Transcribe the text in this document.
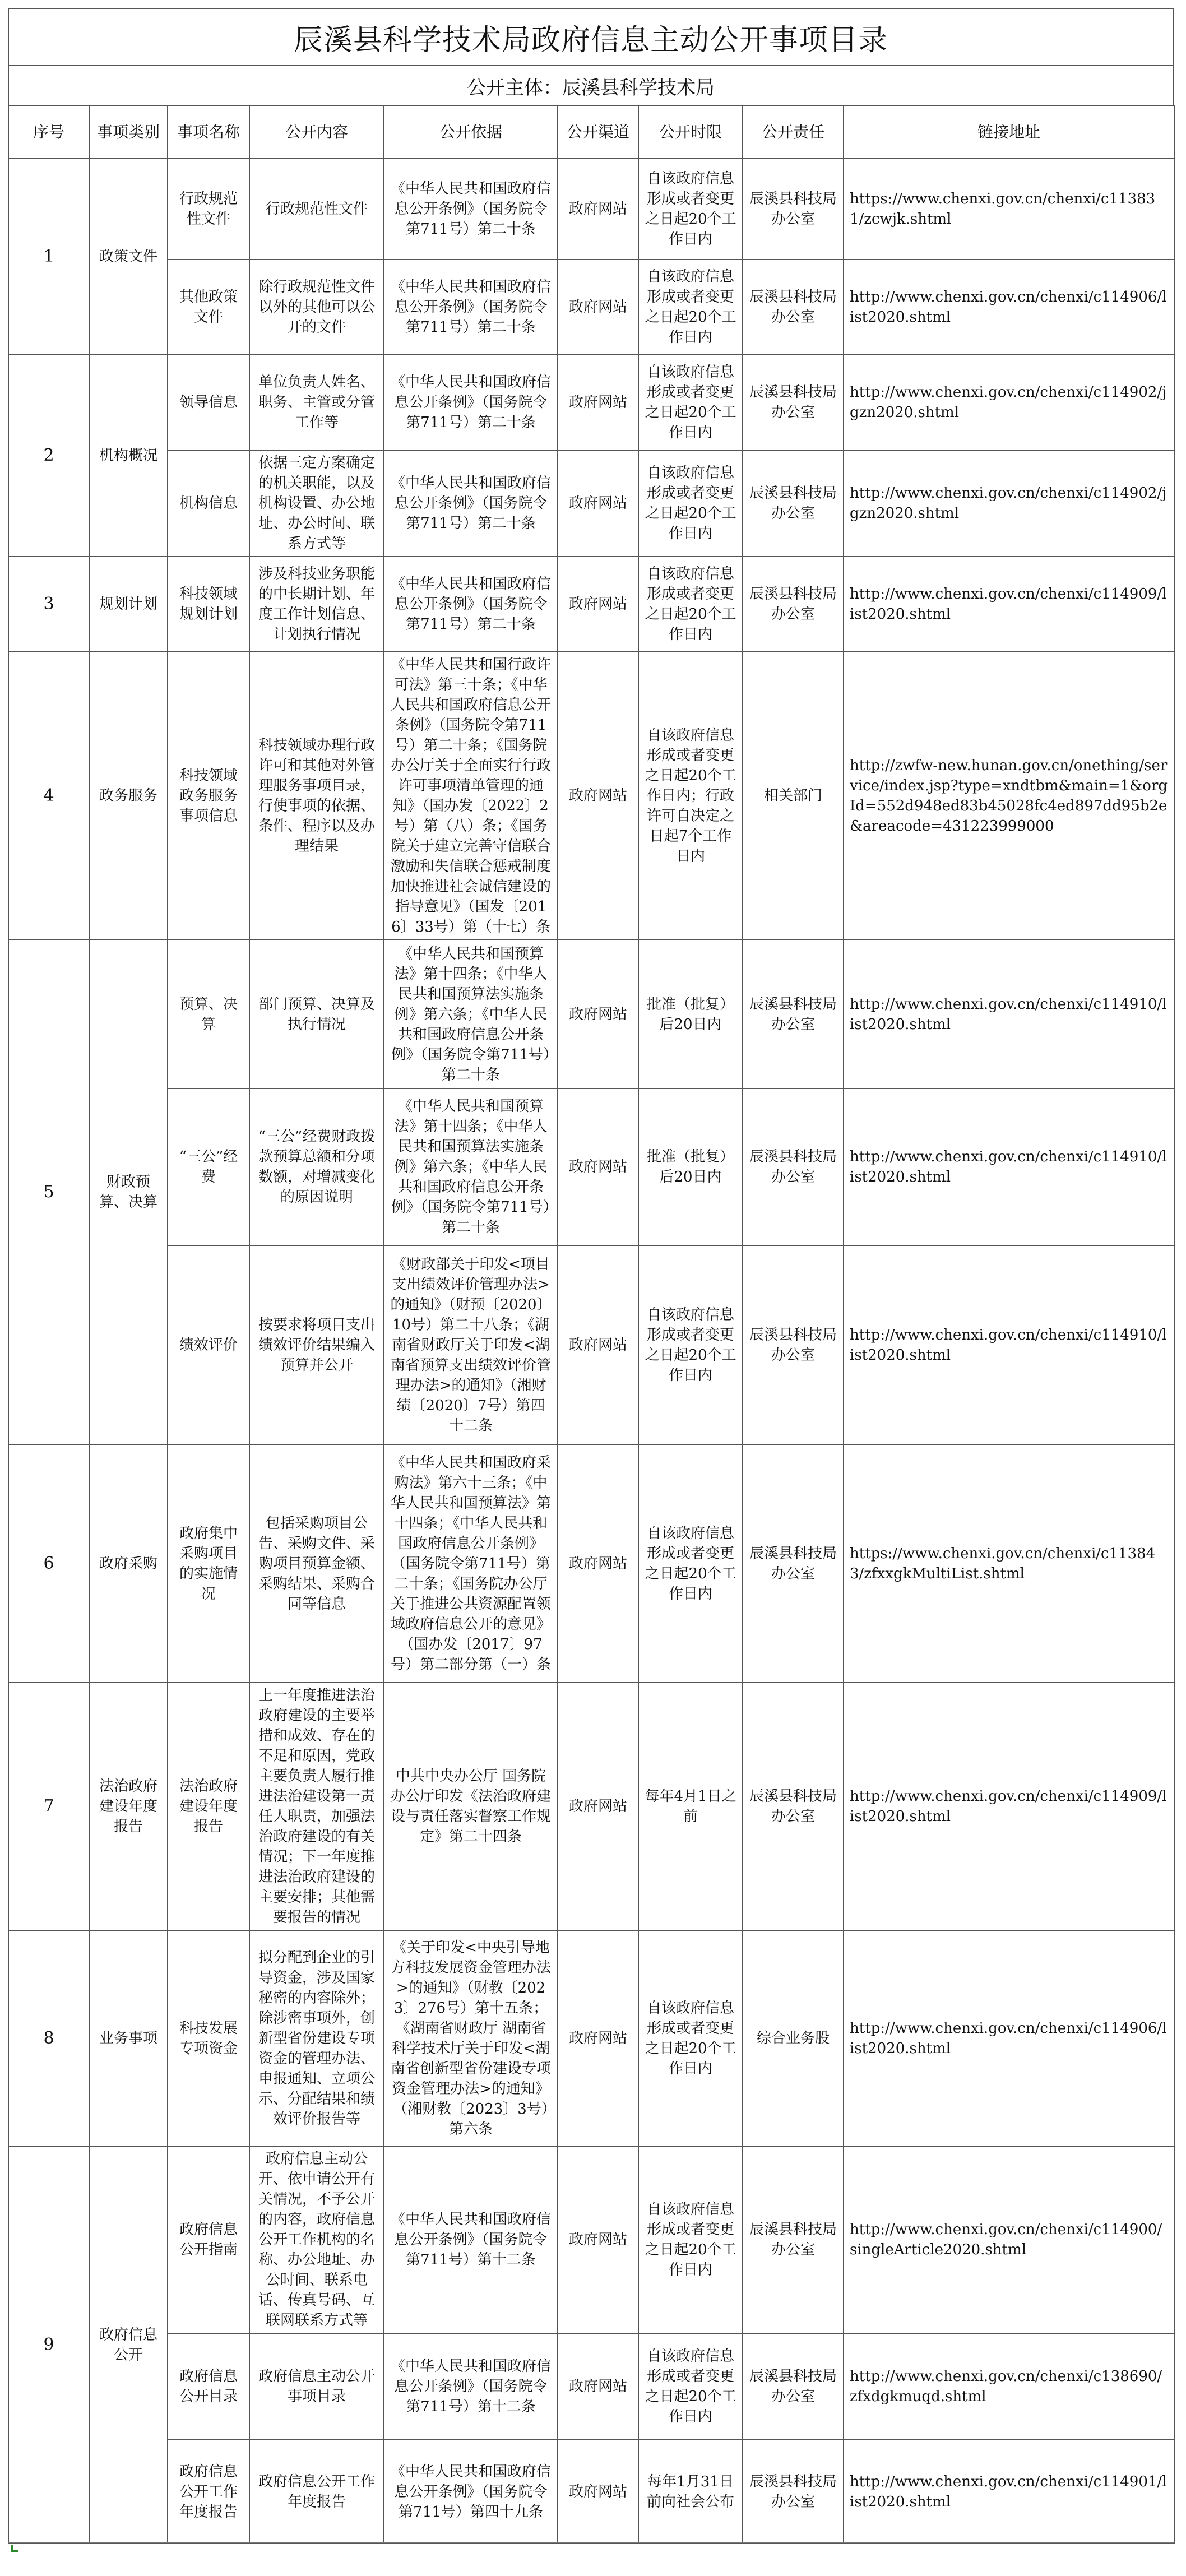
辰溪县科学技术局政府信息主动公开事项目录
公开主体：辰溪县科学技术局
序号	事项类别	事项名称	公开内容	公开依据	公开渠道	公开时限	公开责任	链接地址
1	政策文件	行政规范性文件	行政规范性文件	《中华人民共和国政府信息公开条例》（国务院令第711号）第二十条	政府网站	自该政府信息形成或者变更之日起20个工作日内	辰溪县科技局办公室	https://www.chenxi.gov.cn/chenxi/c113831/zcwjk.shtml
		其他政策文件	除行政规范性文件以外的其他可以公开的文件	《中华人民共和国政府信息公开条例》（国务院令第711号）第二十条	政府网站	自该政府信息形成或者变更之日起20个工作日内	辰溪县科技局办公室	http://www.chenxi.gov.cn/chenxi/c114906/list2020.shtml
2	机构概况	领导信息	单位负责人姓名、职务、主管或分管工作等	《中华人民共和国政府信息公开条例》（国务院令第711号）第二十条	政府网站	自该政府信息形成或者变更之日起20个工作日内	辰溪县科技局办公室	http://www.chenxi.gov.cn/chenxi/c114902/jgzn2020.shtml
		机构信息	依据三定方案确定的机关职能，以及机构设置、办公地址、办公时间、联系方式等	《中华人民共和国政府信息公开条例》（国务院令第711号）第二十条	政府网站	自该政府信息形成或者变更之日起20个工作日内	辰溪县科技局办公室	http://www.chenxi.gov.cn/chenxi/c114902/jgzn2020.shtml
3	规划计划	科技领域规划计划	涉及科技业务职能的中长期计划、年度工作计划信息、计划执行情况	《中华人民共和国政府信息公开条例》（国务院令第711号）第二十条	政府网站	自该政府信息形成或者变更之日起20个工作日内	辰溪县科技局办公室	http://www.chenxi.gov.cn/chenxi/c114909/list2020.shtml
4	政务服务	科技领域政务服务事项信息	科技领域办理行政许可和其他对外管理服务事项目录，行使事项的依据、条件、程序以及办理结果	《中华人民共和国行政许可法》第三十条；《中华人民共和国政府信息公开条例》（国务院令第711号）第二十条；《国务院办公厅关于全面实行行政许可事项清单管理的通知》（国办发〔2022〕2号）第（八）条；《国务院关于建立完善守信联合激励和失信联合惩戒制度加快推进社会诚信建设的指导意见》（国发〔2016〕33号）第（十七）条	政府网站	自该政府信息形成或者变更之日起20个工作日内；行政许可自决定之日起7个工作日内	相关部门	http://zwfw-new.hunan.gov.cn/onething/service/index.jsp?type=xndtbm&main=1&orgId=552d948ed83b45028fc4ed897dd95b2e&areacode=431223999000
5	财政预算、决算	预算、决算	部门预算、决算及执行情况	《中华人民共和国预算法》第十四条；《中华人民共和国预算法实施条例》第六条；《中华人民共和国政府信息公开条例》（国务院令第711号）第二十条	政府网站	批准（批复）后20日内	辰溪县科技局办公室	http://www.chenxi.gov.cn/chenxi/c114910/list2020.shtml
		“三公”经费	“三公”经费财政拨款预算总额和分项数额，对增减变化的原因说明	《中华人民共和国预算法》第十四条；《中华人民共和国预算法实施条例》第六条；《中华人民共和国政府信息公开条例》（国务院令第711号）第二十条	政府网站	批准（批复）后20日内	辰溪县科技局办公室	http://www.chenxi.gov.cn/chenxi/c114910/list2020.shtml
		绩效评价	按要求将项目支出绩效评价结果编入预算并公开	《财政部关于印发<项目支出绩效评价管理办法>的通知》（财预〔2020〕10号）第二十八条；《湖南省财政厅关于印发<湖南省预算支出绩效评价管理办法>的通知》（湘财绩〔2020〕7号）第四十二条	政府网站	自该政府信息形成或者变更之日起20个工作日内	辰溪县科技局办公室	http://www.chenxi.gov.cn/chenxi/c114910/list2020.shtml
6	政府采购	政府集中采购项目的实施情况	包括采购项目公告、采购文件、采购项目预算金额、采购结果、采购合同等信息	《中华人民共和国政府采购法》第六十三条；《中华人民共和国预算法》第十四条；《中华人民共和国政府信息公开条例》（国务院令第711号）第二十条；《国务院办公厅关于推进公共资源配置领域政府信息公开的意见》（国办发〔2017〕97号）第二部分第（一）条	政府网站	自该政府信息形成或者变更之日起20个工作日内	辰溪县科技局办公室	https://www.chenxi.gov.cn/chenxi/c113843/zfxxgkMultiList.shtml
7	法治政府建设年度报告	法治政府建设年度报告	上一年度推进法治政府建设的主要举措和成效、存在的不足和原因，党政主要负责人履行推进法治建设第一责任人职责，加强法治政府建设的有关情况；下一年度推进法治政府建设的主要安排；其他需要报告的情况	中共中央办公厅 国务院办公厅印发《法治政府建设与责任落实督察工作规定》第二十四条	政府网站	每年4月1日之前	辰溪县科技局办公室	http://www.chenxi.gov.cn/chenxi/c114909/list2020.shtml
8	业务事项	科技发展专项资金	拟分配到企业的引导资金，涉及国家秘密的内容除外；除涉密事项外，创新型省份建设专项资金的管理办法、申报通知、立项公示、分配结果和绩效评价报告等	《关于印发<中央引导地方科技发展资金管理办法>的通知》（财教〔2023〕276号）第十五条；《湖南省财政厅 湖南省科学技术厅关于印发<湖南省创新型省份建设专项资金管理办法>的通知》（湘财教〔2023〕3号）第六条	政府网站	自该政府信息形成或者变更之日起20个工作日内	综合业务股	http://www.chenxi.gov.cn/chenxi/c114906/list2020.shtml
9	政府信息公开	政府信息公开指南	政府信息主动公开、依申请公开有关情况，不予公开的内容，政府信息公开工作机构的名称、办公地址、办公时间、联系电话、传真号码、互联网联系方式等	《中华人民共和国政府信息公开条例》（国务院令第711号）第十二条	政府网站	自该政府信息形成或者变更之日起20个工作日内	辰溪县科技局办公室	http://www.chenxi.gov.cn/chenxi/c114900/singleArticle2020.shtml
		政府信息公开目录	政府信息主动公开事项目录	《中华人民共和国政府信息公开条例》（国务院令第711号）第十二条	政府网站	自该政府信息形成或者变更之日起20个工作日内	辰溪县科技局办公室	http://www.chenxi.gov.cn/chenxi/c138690/zfxdgkmuqd.shtml
		政府信息公开工作年度报告	政府信息公开工作年度报告	《中华人民共和国政府信息公开条例》（国务院令第711号）第四十九条	政府网站	每年1月31日前向社会公布	辰溪县科技局办公室	http://www.chenxi.gov.cn/chenxi/c114901/list2020.shtml
